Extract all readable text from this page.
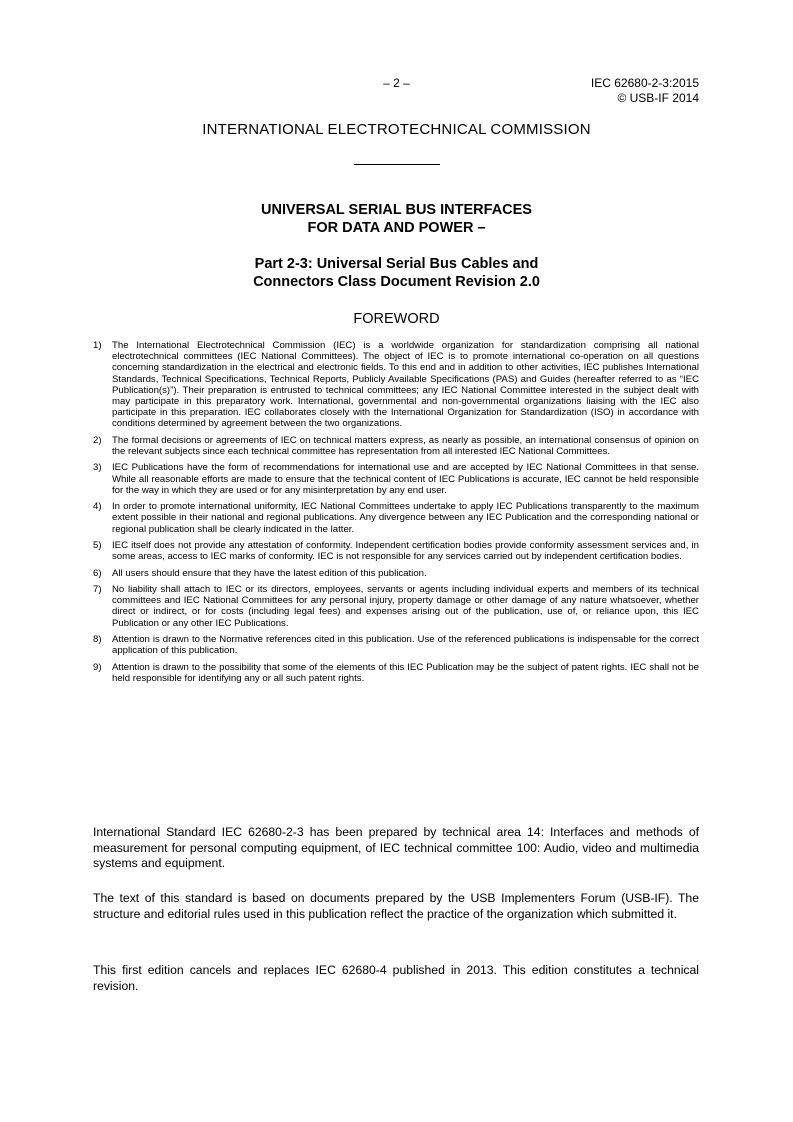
– 2 –	IEC 62680-2-3:2015
© USB-IF 2014
INTERNATIONAL ELECTROTECHNICAL COMMISSION
UNIVERSAL SERIAL BUS INTERFACES
FOR DATA AND POWER –
Part 2-3: Universal Serial Bus Cables and
Connectors Class Document Revision 2.0
FOREWORD
1)	The International Electrotechnical Commission (IEC) is a worldwide organization for standardization comprising all national electrotechnical committees (IEC National Committees). The object of IEC is to promote international co-operation on all questions concerning standardization in the electrical and electronic fields. To this end and in addition to other activities, IEC publishes International Standards, Technical Specifications, Technical Reports, Publicly Available Specifications (PAS) and Guides (hereafter referred to as “IEC Publication(s)”). Their preparation is entrusted to technical committees; any IEC National Committee interested in the subject dealt with may participate in this preparatory work. International, governmental and non-governmental organizations liaising with the IEC also participate in this preparation. IEC collaborates closely with the International Organization for Standardization (ISO) in accordance with conditions determined by agreement between the two organizations.
2)	The formal decisions or agreements of IEC on technical matters express, as nearly as possible, an international consensus of opinion on the relevant subjects since each technical committee has representation from all interested IEC National Committees.
3)	IEC Publications have the form of recommendations for international use and are accepted by IEC National Committees in that sense. While all reasonable efforts are made to ensure that the technical content of IEC Publications is accurate, IEC cannot be held responsible for the way in which they are used or for any misinterpretation by any end user.
4)	In order to promote international uniformity, IEC National Committees undertake to apply IEC Publications transparently to the maximum extent possible in their national and regional publications. Any divergence between any IEC Publication and the corresponding national or regional publication shall be clearly indicated in the latter.
5)	IEC itself does not provide any attestation of conformity. Independent certification bodies provide conformity assessment services and, in some areas, access to IEC marks of conformity. IEC is not responsible for any services carried out by independent certification bodies.
6)	All users should ensure that they have the latest edition of this publication.
7)	No liability shall attach to IEC or its directors, employees, servants or agents including individual experts and members of its technical committees and IEC National Committees for any personal injury, property damage or other damage of any nature whatsoever, whether direct or indirect, or for costs (including legal fees) and expenses arising out of the publication, use of, or reliance upon, this IEC Publication or any other IEC Publications.
8)	Attention is drawn to the Normative references cited in this publication. Use of the referenced publications is indispensable for the correct application of this publication.
9)	Attention is drawn to the possibility that some of the elements of this IEC Publication may be the subject of patent rights. IEC shall not be held responsible for identifying any or all such patent rights.

International Standard IEC 62680-2-3 has been prepared by technical area 14: Interfaces and methods of measurement for personal computing equipment, of IEC technical committee 100: Audio, video and multimedia systems and equipment.

The text of this standard is based on documents prepared by the USB Implementers Forum (USB-IF). The structure and editorial rules used in this publication reflect the practice of the organization which submitted it.

This first edition cancels and replaces IEC 62680-4 published in 2013. This edition constitutes a technical revision.
